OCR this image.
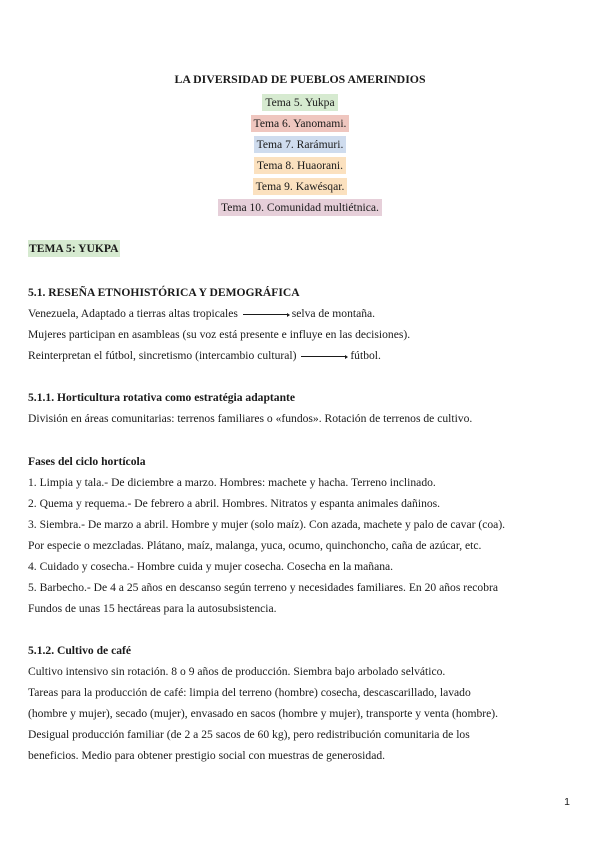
LA DIVERSIDAD DE PUEBLOS AMERINDIOS
Tema 5. Yukpa
Tema 6. Yanomami.
Tema 7. Rarámuri.
Tema 8. Huaorani.
Tema 9. Kawésqar.
Tema 10. Comunidad multiétnica.
TEMA 5: YUKPA
5.1. RESEÑA ETNOHISTÓRICA Y DEMOGRÁFICA
Venezuela, Adaptado a tierras altas tropicales	selva de montaña.
Mujeres participan en asambleas (su voz está presente e influye en las decisiones).
Reinterpretan el fútbol, sincretismo (intercambio cultural)	fútbol.
5.1.1. Horticultura rotativa como estratégia adaptante
División en áreas comunitarias: terrenos familiares o «fundos». Rotación de terrenos de cultivo.
Fases del ciclo hortícola
1. Limpia y tala.- De diciembre a marzo. Hombres: machete y hacha. Terreno inclinado.
2. Quema y requema.- De febrero a abril. Hombres. Nitratos y espanta animales dañinos.
3. Siembra.- De marzo a abril. Hombre y mujer (solo maíz). Con azada, machete y palo de cavar (coa).
Por especie o mezcladas. Plátano, maíz, malanga, yuca, ocumo, quinchoncho, caña de azúcar, etc.
4. Cuidado y cosecha.- Hombre cuida y mujer cosecha. Cosecha en la mañana.
5. Barbecho.- De 4 a 25 años en descanso según terreno y necesidades familiares. En 20 años recobra
Fundos de unas 15 hectáreas para la autosubsistencia.
5.1.2. Cultivo de café
Cultivo intensivo sin rotación. 8 o 9 años de producción. Siembra bajo arbolado selvático.
Tareas para la producción de café: limpia del terreno (hombre) cosecha, descascarillado, lavado
(hombre y mujer), secado (mujer), envasado en sacos (hombre y mujer), transporte y venta (hombre).
Desigual producción familiar (de 2 a 25 sacos de 60 kg), pero redistribución comunitaria de los
beneficios. Medio para obtener prestigio social con muestras de generosidad.
1
